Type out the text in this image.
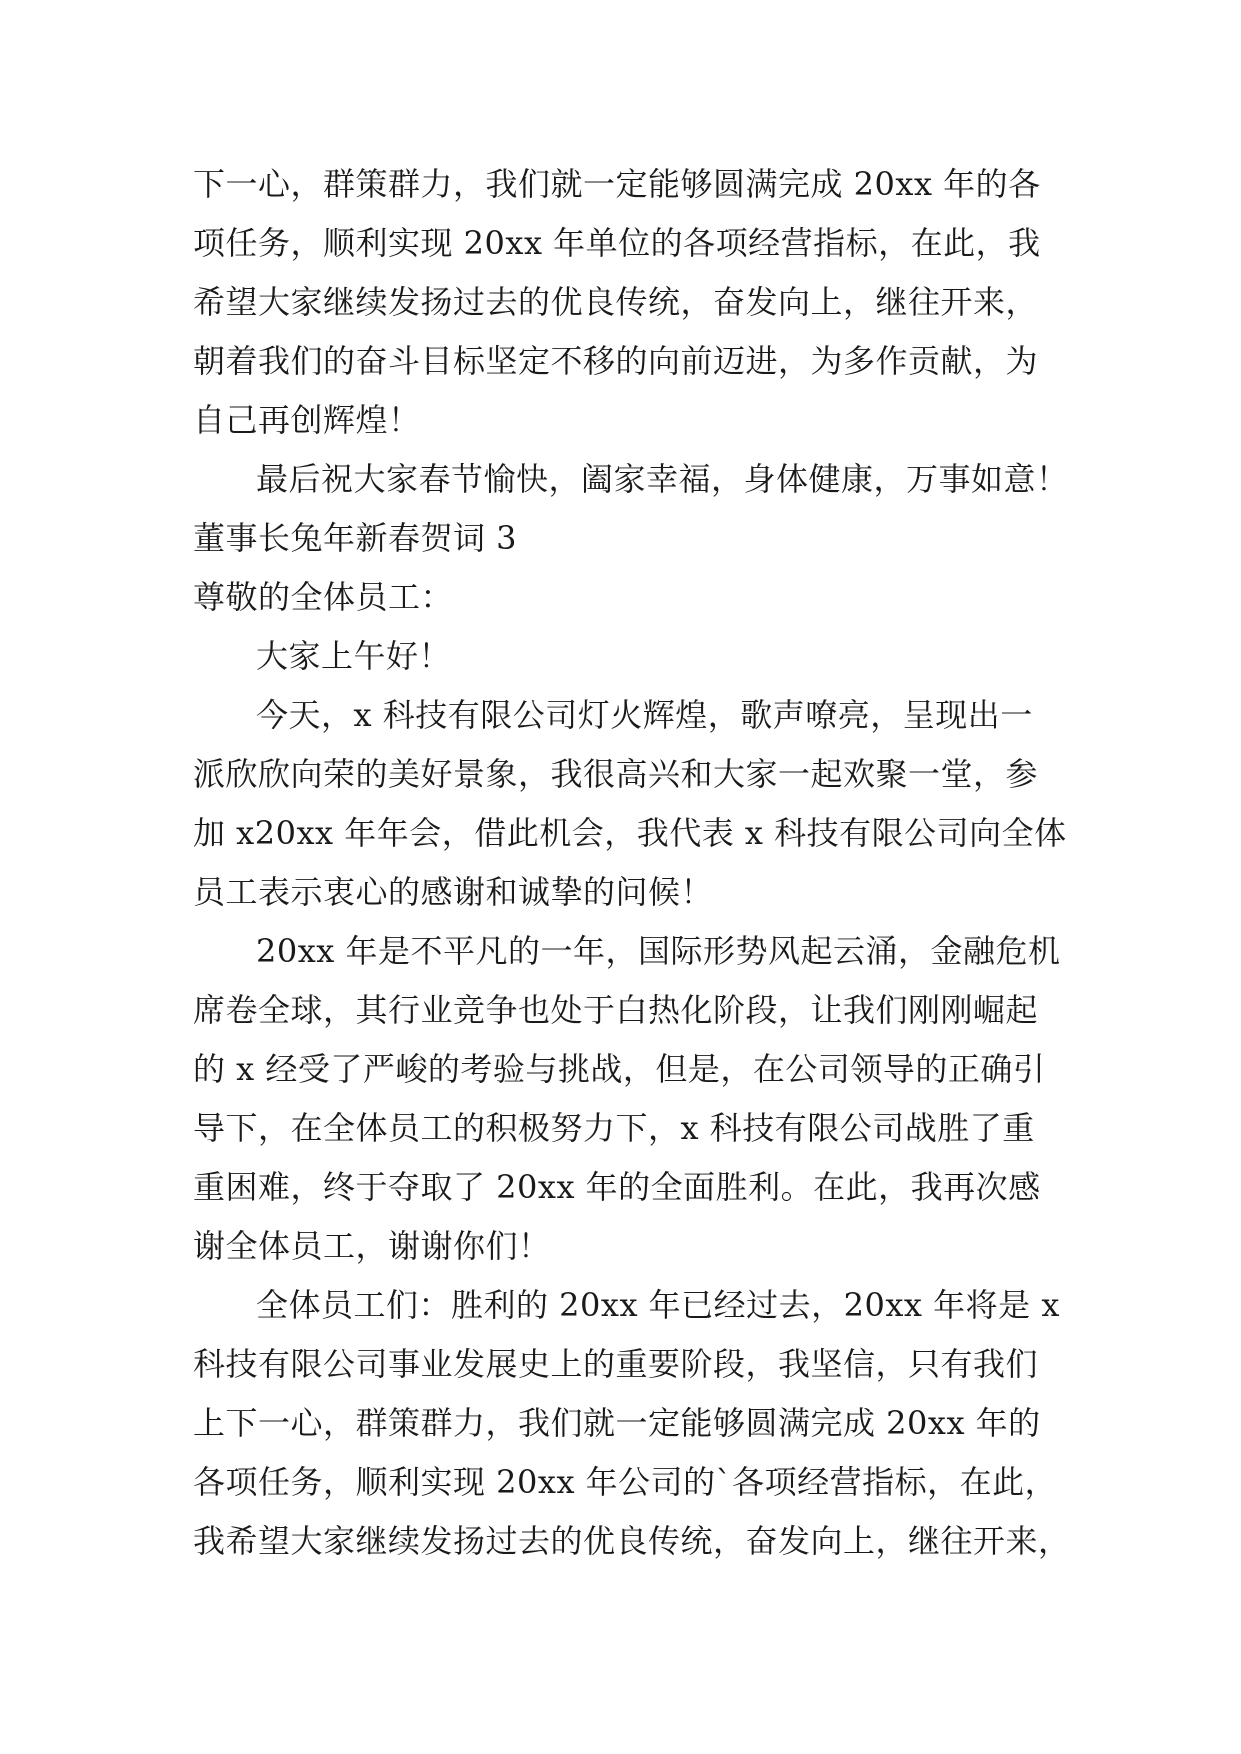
下一心，群策群力，我们就一定能够圆满完成 20xx 年的各
项任务，顺利实现 20xx 年单位的各项经营指标，在此，我
希望大家继续发扬过去的优良传统，奋发向上，继往开来，
朝着我们的奋斗目标坚定不移的向前迈进，为多作贡献，为
自己再创辉煌！
最后祝大家春节愉快，阖家幸福，身体健康，万事如意！
董事长兔年新春贺词 3
尊敬的全体员工：
大家上午好！
今天，x 科技有限公司灯火辉煌，歌声嘹亮，呈现出一
派欣欣向荣的美好景象，我很高兴和大家一起欢聚一堂，参
加 x20xx 年年会，借此机会，我代表 x 科技有限公司向全体
员工表示衷心的感谢和诚挚的问候！
20xx 年是不平凡的一年，国际形势风起云涌，金融危机
席卷全球，其行业竞争也处于白热化阶段，让我们刚刚崛起
的 x 经受了严峻的考验与挑战，但是，在公司领导的正确引
导下，在全体员工的积极努力下，x 科技有限公司战胜了重
重困难，终于夺取了 20xx 年的全面胜利。在此，我再次感
谢全体员工，谢谢你们！
全体员工们：胜利的 20xx 年已经过去，20xx 年将是 x
科技有限公司事业发展史上的重要阶段，我坚信，只有我们
上下一心，群策群力，我们就一定能够圆满完成 20xx 年的
各项任务，顺利实现 20xx 年公司的`各项经营指标，在此，
我希望大家继续发扬过去的优良传统，奋发向上，继往开来，
